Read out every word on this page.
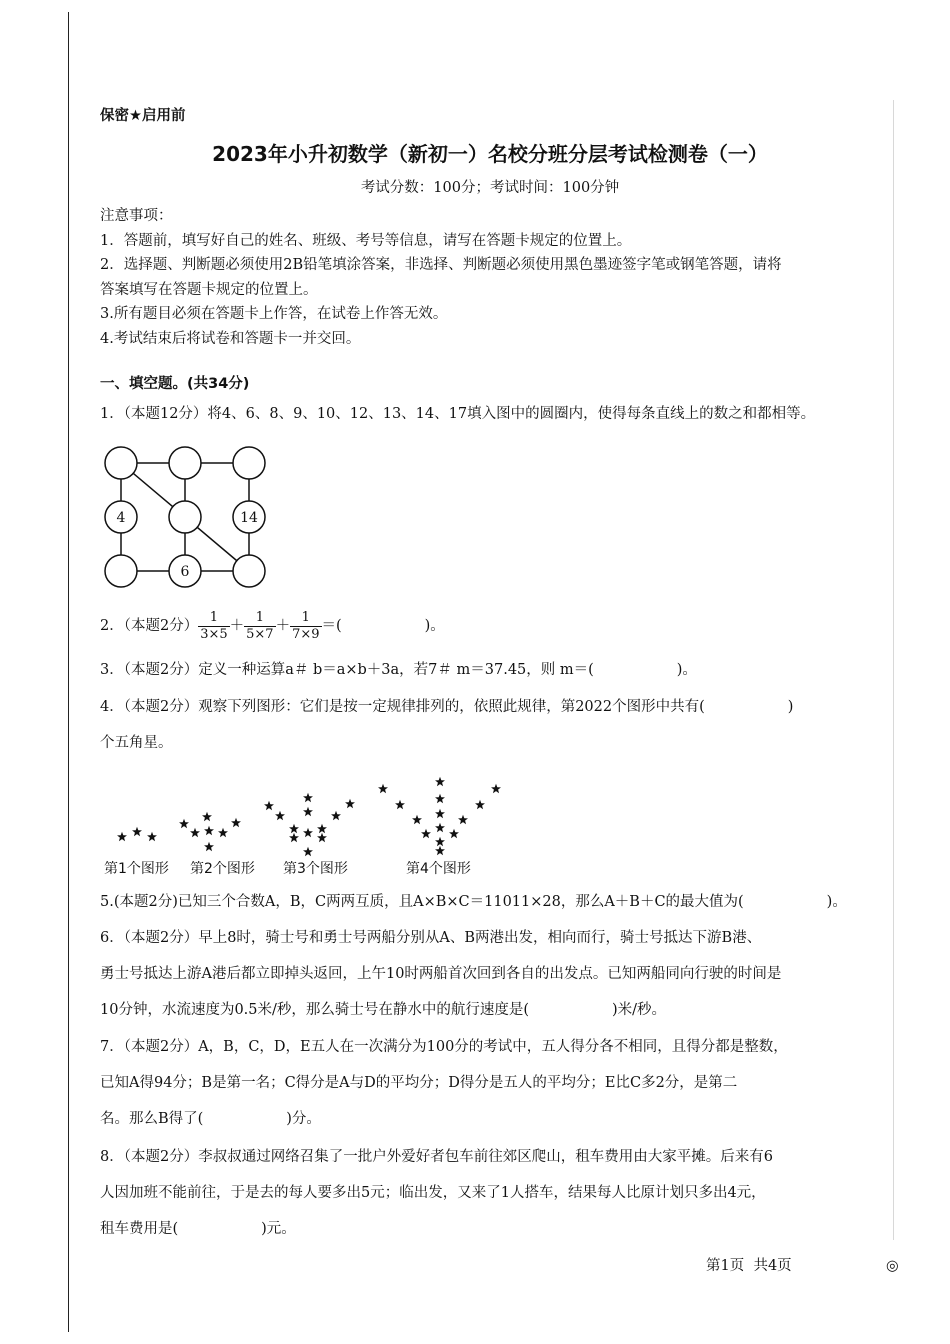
保密★启用前
2023年小升初数学（新初一）名校分班分层考试检测卷（一）
考试分数：100分；考试时间：100分钟
注意事项：
1．答题前，填写好自己的姓名、班级、考号等信息，请写在答题卡规定的位置上。
2．选择题、判断题必须使用2B铅笔填涂答案，非选择、判断题必须使用黑色墨迹签字笔或钢笔答题，请将
答案填写在答题卡规定的位置上。
3.所有题目必须在答题卡上作答，在试卷上作答无效。
4.考试结束后将试卷和答题卡一并交回。
一、填空题。(共34分)
1．（本题12分）将4、6、8、9、10、12、13、14、17填入图中的圆圈内，使得每条直线上的数之和都相等。
4	14
6
2．（本题2分） $\frac{1}{3\times 5} + \frac{1}{5\times 7} + \frac{1}{7\times 9}$ ＝(                  )。
3．（本题2分）定义一种运算a＃ b＝a×b＋3a，若7＃ m＝37.45，则 m＝(                  )。
4．（本题2分）观察下列图形：它们是按一定规律排列的，依照此规律，第2022个图形中共有(                  )
个五角星。
第1个图形 第2个图形 第3个图形	第4个图形
5.(本题2分)已知三个合数A，B，C两两互质，且A×B×C＝11011×28，那么A＋B＋C的最大值为(                  )。
6．（本题2分）早上8时，骑士号和勇士号两船分别从A、B两港出发，相向而行，骑士号抵达下游B港、
勇士号抵达上游A港后都立即掉头返回，上午10时两船首次回到各自的出发点。已知两船同向行驶的时间是
10分钟，水流速度为0.5米/秒，那么骑士号在静水中的航行速度是(                  )米/秒。
7．（本题2分）A，B，C，D，E五人在一次满分为100分的考试中，五人得分各不相同，且得分都是整数，
已知A得94分；B是第一名；C得分是A与D的平均分；D得分是五人的平均分；E比C多2分，是第二
名。那么B得了(                  )分。
8．（本题2分）李叔叔通过网络召集了一批户外爱好者包车前往郊区爬山，租车费用由大家平摊。后来有6
人因加班不能前往，于是去的每人要多出5元；临出发，又来了1人搭车，结果每人比原计划只多出4元，
租车费用是(                  )元。
第1页  共4页	◎
